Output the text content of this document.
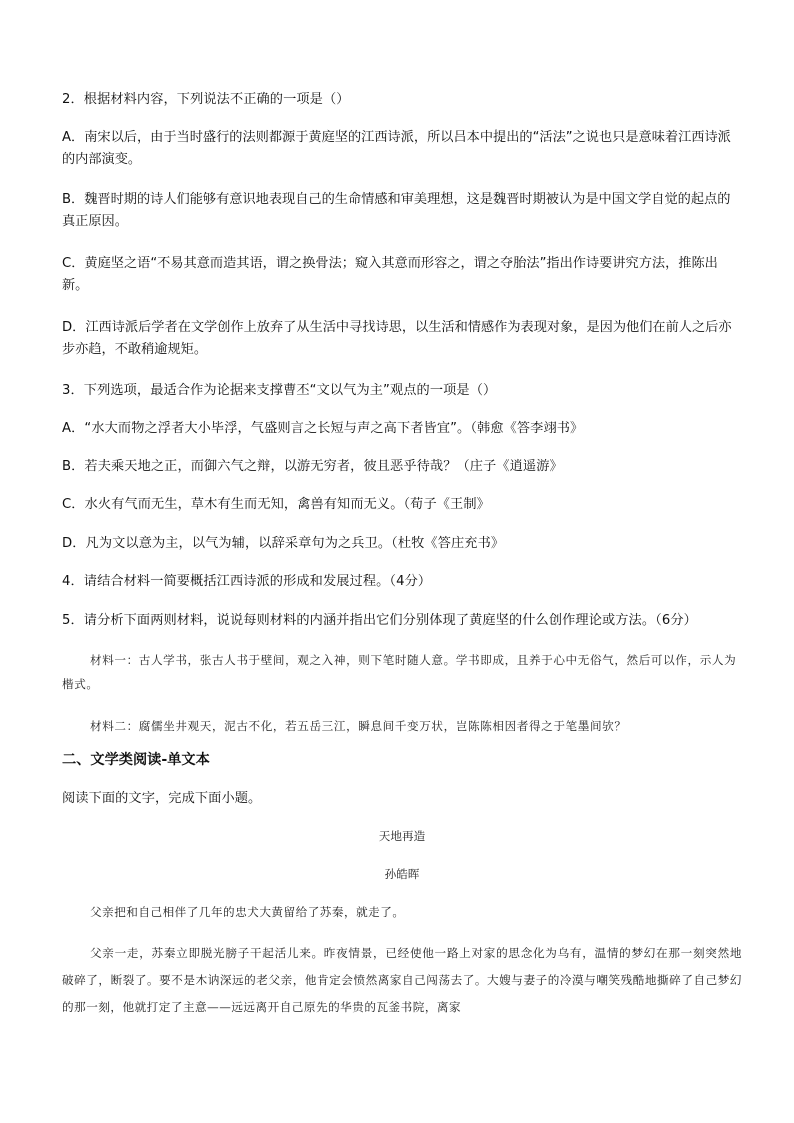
2．根据材料内容，下列说法不正确的一项是（）
A．南宋以后，由于当时盛行的法则都源于黄庭坚的江西诗派，所以吕本中提出的“活法”之说也只是意味着江西诗派的内部演变。
B．魏晋时期的诗人们能够有意识地表现自己的生命情感和审美理想，这是魏晋时期被认为是中国文学自觉的起点的真正原因。
C．黄庭坚之语“不易其意而造其语，谓之换骨法；窥入其意而形容之，谓之夺胎法”指出作诗要讲究方法，推陈出新。
D．江西诗派后学者在文学创作上放弃了从生活中寻找诗思，以生活和情感作为表现对象，是因为他们在前人之后亦步亦趋，不敢稍逾规矩。
3．下列选项，最适合作为论据来支撑曹丕“文以气为主”观点的一项是（）
A．“水大而物之浮者大小毕浮，气盛则言之长短与声之高下者皆宜”。（韩愈《答李翊书》
B．若夫乘天地之正，而御六气之辩，以游无穷者，彼且恶乎待哉？（庄子《逍遥游》
C．水火有气而无生，草木有生而无知，禽兽有知而无义。（荀子《王制》
D．凡为文以意为主，以气为辅，以辞采章句为之兵卫。（杜牧《答庄充书》
4．请结合材料一简要概括江西诗派的形成和发展过程。（4分）
5．请分析下面两则材料，说说每则材料的内涵并指出它们分别体现了黄庭坚的什么创作理论或方法。（6分）
材料一：古人学书，张古人书于壁间，观之入神，则下笔时随人意。学书即成，且养于心中无俗气，然后可以作，示人为楷式。
材料二：腐儒坐井观天，泥古不化，若五岳三江，瞬息间千变万状，岂陈陈相因者得之于笔墨间欤？
二、文学类阅读-单文本
阅读下面的文字，完成下面小题。
天地再造
孙皓晖
父亲把和自己相伴了几年的忠犬大黄留给了苏秦，就走了。
父亲一走，苏秦立即脱光膀子干起活儿来。昨夜情景，已经使他一路上对家的思念化为乌有，温情的梦幻在那一刻突然地破碎了，断裂了。要不是木讷深远的老父亲，他肯定会愤然离家自己闯荡去了。大嫂与妻子的冷漠与嘲笑残酷地撕碎了自己梦幻的那一刻，他就打定了主意——远远离开自己原先的华贵的瓦釜书院，离家
